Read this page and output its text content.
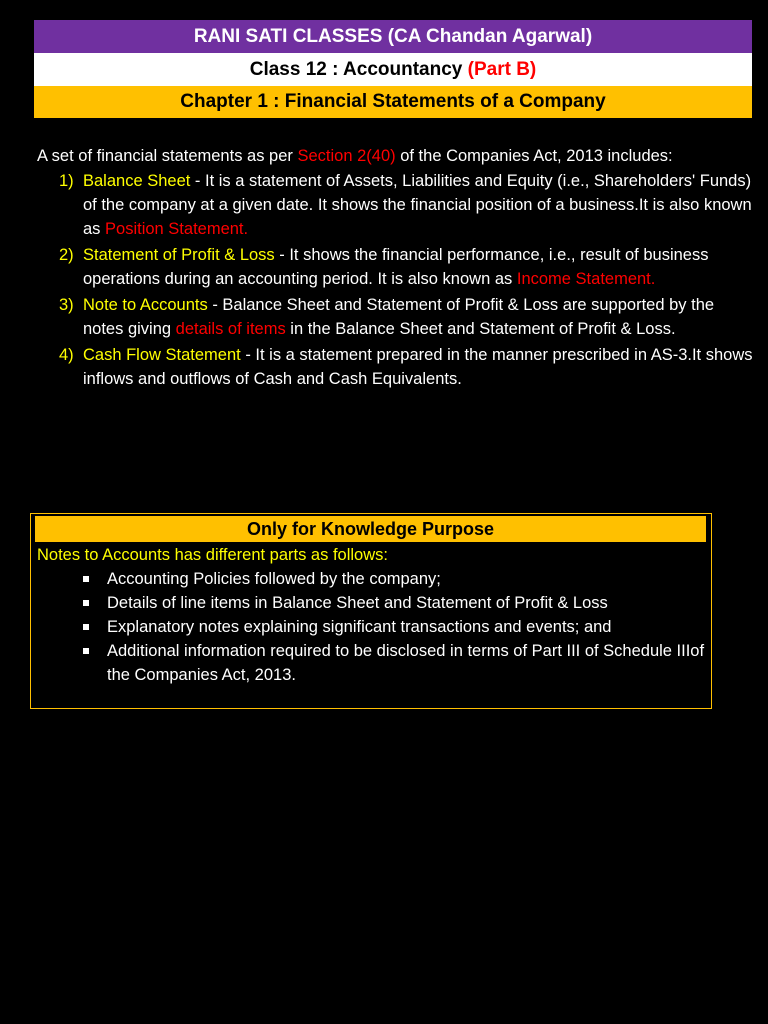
RANI SATI CLASSES (CA Chandan Agarwal)
Class 12 : Accountancy (Part B)
Chapter 1 : Financial Statements of a Company

A set of financial statements as per Section 2(40) of the Companies Act, 2013 includes:

1) Balance Sheet - It is a statement of Assets, Liabilities and Equity (i.e., Shareholders' Funds) of the company at a given date. It shows the financial position of a business.It is also known as Position Statement.
2) Statement of Profit & Loss - It shows the financial performance, i.e., result of business operations during an accounting period. It is also known as Income Statement.
3) Note to Accounts - Balance Sheet and Statement of Profit & Loss are supported by the notes giving details of items in the Balance Sheet and Statement of Profit & Loss.
4) Cash Flow Statement - It is a statement prepared in the manner prescribed in AS-3.It shows inflows and outflows of Cash and Cash Equivalents.
Only for Knowledge Purpose
Notes to Accounts has different parts as follows:
Accounting Policies followed by the company;
Details of line items in Balance Sheet and Statement of Profit & Loss
Explanatory notes explaining significant transactions and events; and
Additional information required to be disclosed in terms of Part III of Schedule IIIof the Companies Act, 2013.
